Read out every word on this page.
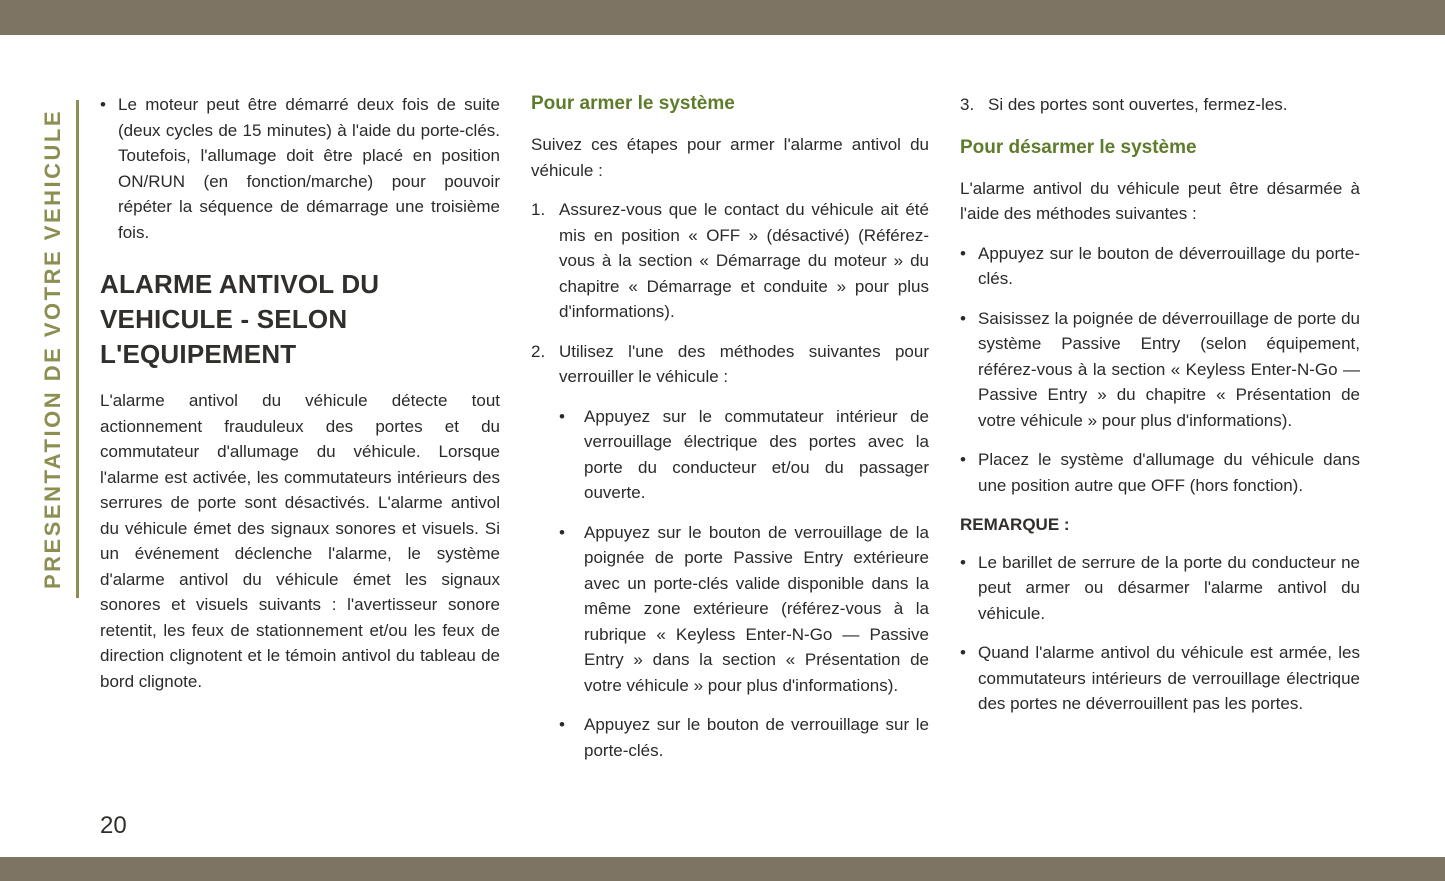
PRESENTATION DE VOTRE VEHICULE
• Le moteur peut être démarré deux fois de suite (deux cycles de 15 minutes) à l'aide du porte-clés. Toutefois, l'allumage doit être placé en position ON/RUN (en fonction/marche) pour pouvoir répéter la séquence de démarrage une troisième fois.
ALARME ANTIVOL DU VEHICULE - SELON L'EQUIPEMENT

L'alarme antivol du véhicule détecte tout actionnement frauduleux des portes et du commutateur d'allumage du véhicule. Lorsque l'alarme est activée, les commutateurs intérieurs des serrures de porte sont désactivés. L'alarme antivol du véhicule émet des signaux sonores et visuels. Si un événement déclenche l'alarme, le système d'alarme antivol du véhicule émet les signaux sonores et visuels suivants : l'avertisseur sonore retentit, les feux de stationnement et/ou les feux de direction clignotent et le témoin antivol du tableau de bord clignote.

Pour armer le système

Suivez ces étapes pour armer l'alarme antivol du véhicule :

1. Assurez-vous que le contact du véhicule ait été mis en position « OFF » (désactivé) (Référez-vous à la section « Démarrage du moteur » du chapitre « Démarrage et conduite » pour plus d'informations).
2. Utilisez l'une des méthodes suivantes pour verrouiller le véhicule :
•	Appuyez sur le commutateur intérieur de verrouillage électrique des portes avec la porte du conducteur et/ou du passager ouverte.
•	Appuyez sur le bouton de verrouillage de la poignée de porte Passive Entry extérieure avec un porte-clés valide disponible dans la même zone extérieure (référez-vous à la rubrique « Keyless Enter-N-Go — Passive Entry » dans la section « Présentation de votre véhicule » pour plus d'informations).
•	Appuyez sur le bouton de verrouillage sur le porte-clés.
3. Si des portes sont ouvertes, fermez-les.
Pour désarmer le système

L'alarme antivol du véhicule peut être désarmée à l'aide des méthodes suivantes :

• Appuyez sur le bouton de déverrouillage du porte-clés.
• Saisissez la poignée de déverrouillage de porte du système Passive Entry (selon équipement, référez-vous à la section « Keyless Enter-N-Go — Passive Entry » du chapitre « Présentation de votre véhicule » pour plus d'informations).
• Placez le système d'allumage du véhicule dans une position autre que OFF (hors fonction).
REMARQUE :
• Le barillet de serrure de la porte du conducteur ne peut armer ou désarmer l'alarme antivol du véhicule.
• Quand l'alarme antivol du véhicule est armée, les commutateurs intérieurs de verrouillage électrique des portes ne déverrouillent pas les portes.
20
